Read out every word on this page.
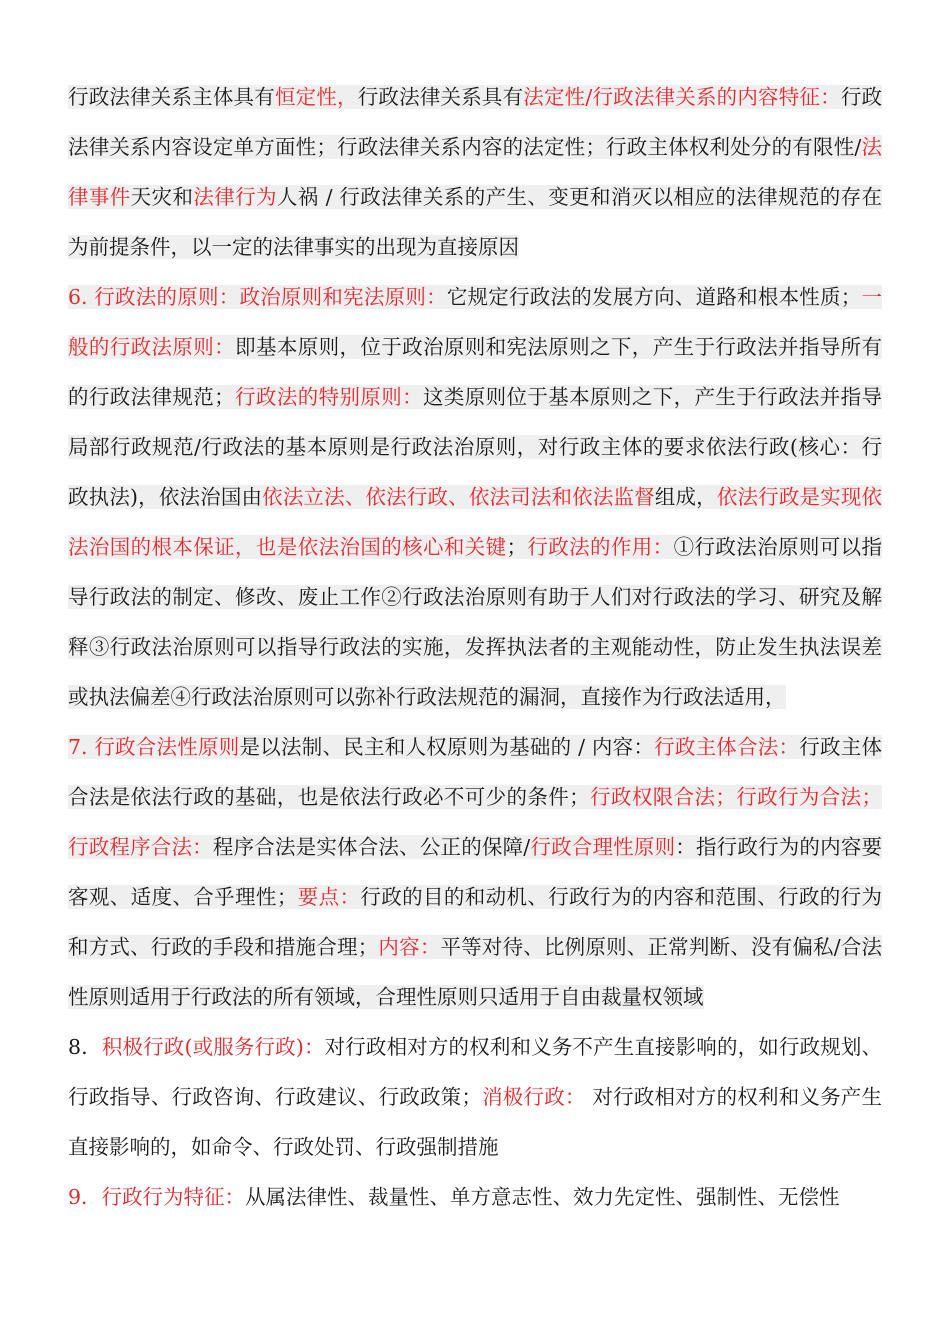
行政法律关系主体具有恒定性，行政法律关系具有法定性/行政法律关系的内容特征：行政法律关系内容设定单方面性；行政法律关系内容的法定性；行政主体权利处分的有限性/法律事件天灾和法律行为人祸 / 行政法律关系的产生、变更和消灭以相应的法律规范的存在为前提条件，以一定的法律事实的出现为直接原因
6. 行政法的原则：政治原则和宪法原则：它规定行政法的发展方向、道路和根本性质；一般的行政法原则：即基本原则，位于政治原则和宪法原则之下，产生于行政法并指导所有的行政法律规范；行政法的特别原则：这类原则位于基本原则之下，产生于行政法并指导局部行政规范/行政法的基本原则是行政法治原则，对行政主体的要求依法行政(核心：行政执法)，依法治国由依法立法、依法行政、依法司法和依法监督组成，依法行政是实现依法治国的根本保证，也是依法治国的核心和关键；行政法的作用：①行政法治原则可以指导行政法的制定、修改、废止工作②行政法治原则有助于人们对行政法的学习、研究及解释③行政法治原则可以指导行政法的实施，发挥执法者的主观能动性，防止发生执法误差或执法偏差④行政法治原则可以弥补行政法规范的漏洞，直接作为行政法适用，
7. 行政合法性原则是以法制、民主和人权原则为基础的 / 内容：行政主体合法：行政主体合法是依法行政的基础，也是依法行政必不可少的条件；行政权限合法；行政行为合法；行政程序合法：程序合法是实体合法、公正的保障/行政合理性原则：指行政行为的内容要客观、适度、合乎理性；要点：行政的目的和动机、行政行为的内容和范围、行政的行为和方式、行政的手段和措施合理；内容：平等对待、比例原则、正常判断、没有偏私/合法性原则适用于行政法的所有领域，合理性原则只适用于自由裁量权领域
8．积极行政(或服务行政)：对行政相对方的权利和义务不产生直接影响的，如行政规划、行政指导、行政咨询、行政建议、行政政策；消极行政： 对行政相对方的权利和义务产生直接影响的，如命令、行政处罚、行政强制措施
9．行政行为特征：从属法律性、裁量性、单方意志性、效力先定性、强制性、无偿性
